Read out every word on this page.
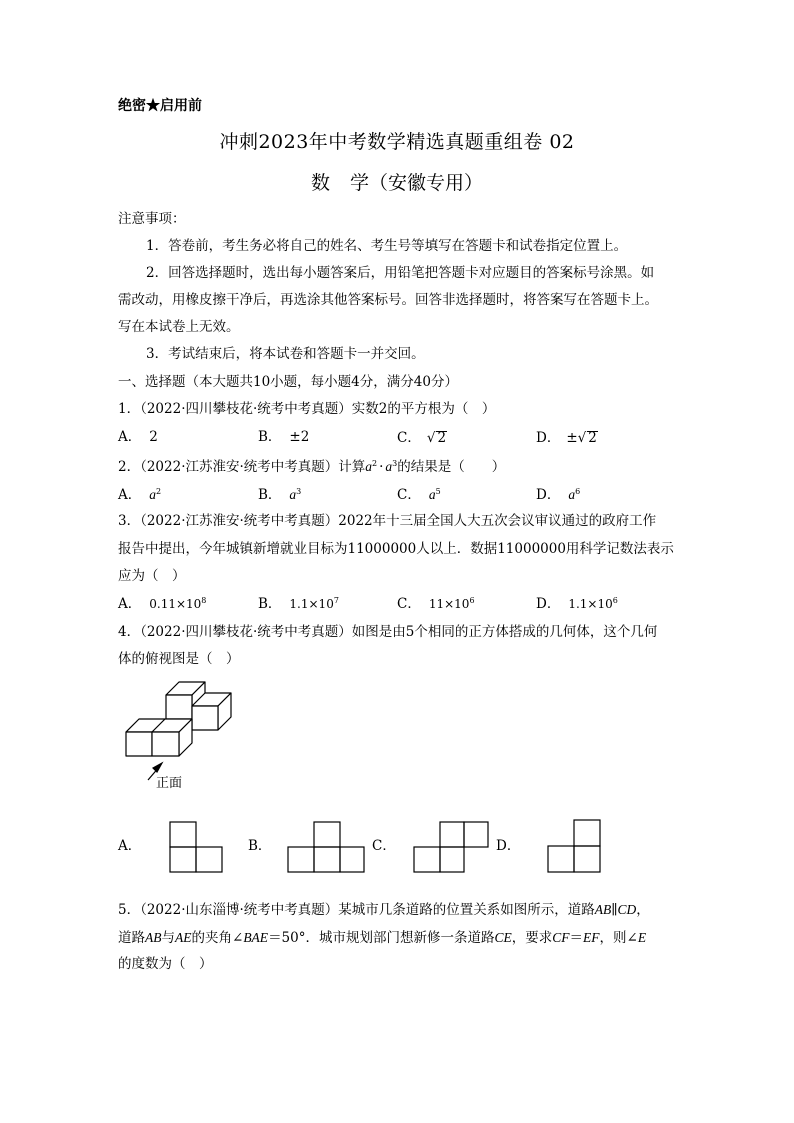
绝密★启用前
冲刺2023年中考数学精选真题重组卷 02
数 学（安徽专用）
注意事项：
1．答卷前，考生务必将自己的姓名、考生号等填写在答题卡和试卷指定位置上。
2．回答选择题时，选出每小题答案后，用铅笔把答题卡对应题目的答案标号涂黑。如
需改动，用橡皮擦干净后，再选涂其他答案标号。回答非选择题时，将答案写在答题卡上。
写在本试卷上无效。
3．考试结束后，将本试卷和答题卡一并交回。
一、选择题（本大题共10小题，每小题4分，满分40分）
1．（2022·四川攀枝花·统考中考真题）实数2的平方根为（　）
A． 2	B． ±2	C． √ 2	D． ±√ 2
2．（2022·江苏淮安·统考中考真题）计算$a^2 \cdot a^3$的结果是（　　）
A． $a^2$	B． $a^3$	C． $a^5$	D． $a^6$
3．（2022·江苏淮安·统考中考真题）2022年十三届全国人大五次会议审议通过的政府工作
报告中提出，今年城镇新增就业目标为11000000人以上．数据11000000用科学记数法表示
应为（　）
A． $0.11\times 10^8$	B． $1.1\times 10^7$	C． $11\times 10^6$	D． $1.1\times 10^6$
4．（2022·四川攀枝花·统考中考真题）如图是由5个相同的正方体搭成的几何体，这个几何
体的俯视图是（　）
正面
A．	B．	C．	D．
5．（2022·山东淄博·统考中考真题）某城市几条道路的位置关系如图所示，道路AB∥CD，
道路AB与AE的夹角∠BAE＝50°．城市规划部门想新修一条道路CE，要求CF＝EF，则∠E
的度数为（　）
